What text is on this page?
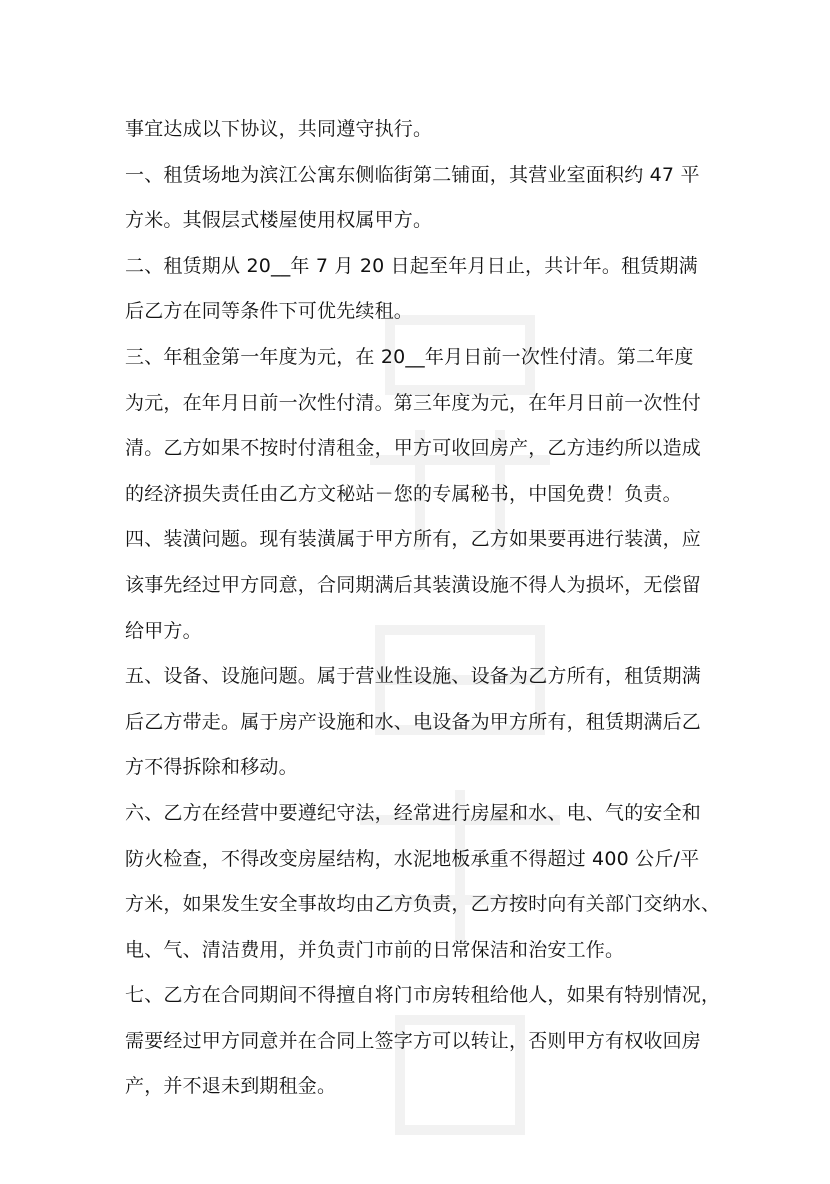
事宜达成以下协议，共同遵守执行。

一、租赁场地为滨江公寓东侧临街第二铺面，其营业室面积约 47 平
方米。其假层式楼屋使用权属甲方。

二、租赁期从 20__年 7 月 20 日起至年月日止，共计年。租赁期满
后乙方在同等条件下可优先续租。

三、年租金第一年度为元，在 20__年月日前一次性付清。第二年度
为元，在年月日前一次性付清。第三年度为元，在年月日前一次性付
清。乙方如果不按时付清租金，甲方可收回房产，乙方违约所以造成
的经济损失责任由乙方文秘站－您的专属秘书，中国免费！负责。

四、装潢问题。现有装潢属于甲方所有，乙方如果要再进行装潢，应
该事先经过甲方同意，合同期满后其装潢设施不得人为损坏，无偿留
给甲方。

五、设备、设施问题。属于营业性设施、设备为乙方所有，租赁期满
后乙方带走。属于房产设施和水、电设备为甲方所有，租赁期满后乙
方不得拆除和移动。

六、乙方在经营中要遵纪守法，经常进行房屋和水、电、气的安全和
防火检查，不得改变房屋结构，水泥地板承重不得超过 400 公斤/平
方米，如果发生安全事故均由乙方负责，乙方按时向有关部门交纳水、
电、气、清洁费用，并负责门市前的日常保洁和治安工作。

七、乙方在合同期间不得擅自将门市房转租给他人，如果有特别情况，
需要经过甲方同意并在合同上签字方可以转让，否则甲方有权收回房
产，并不退未到期租金。
